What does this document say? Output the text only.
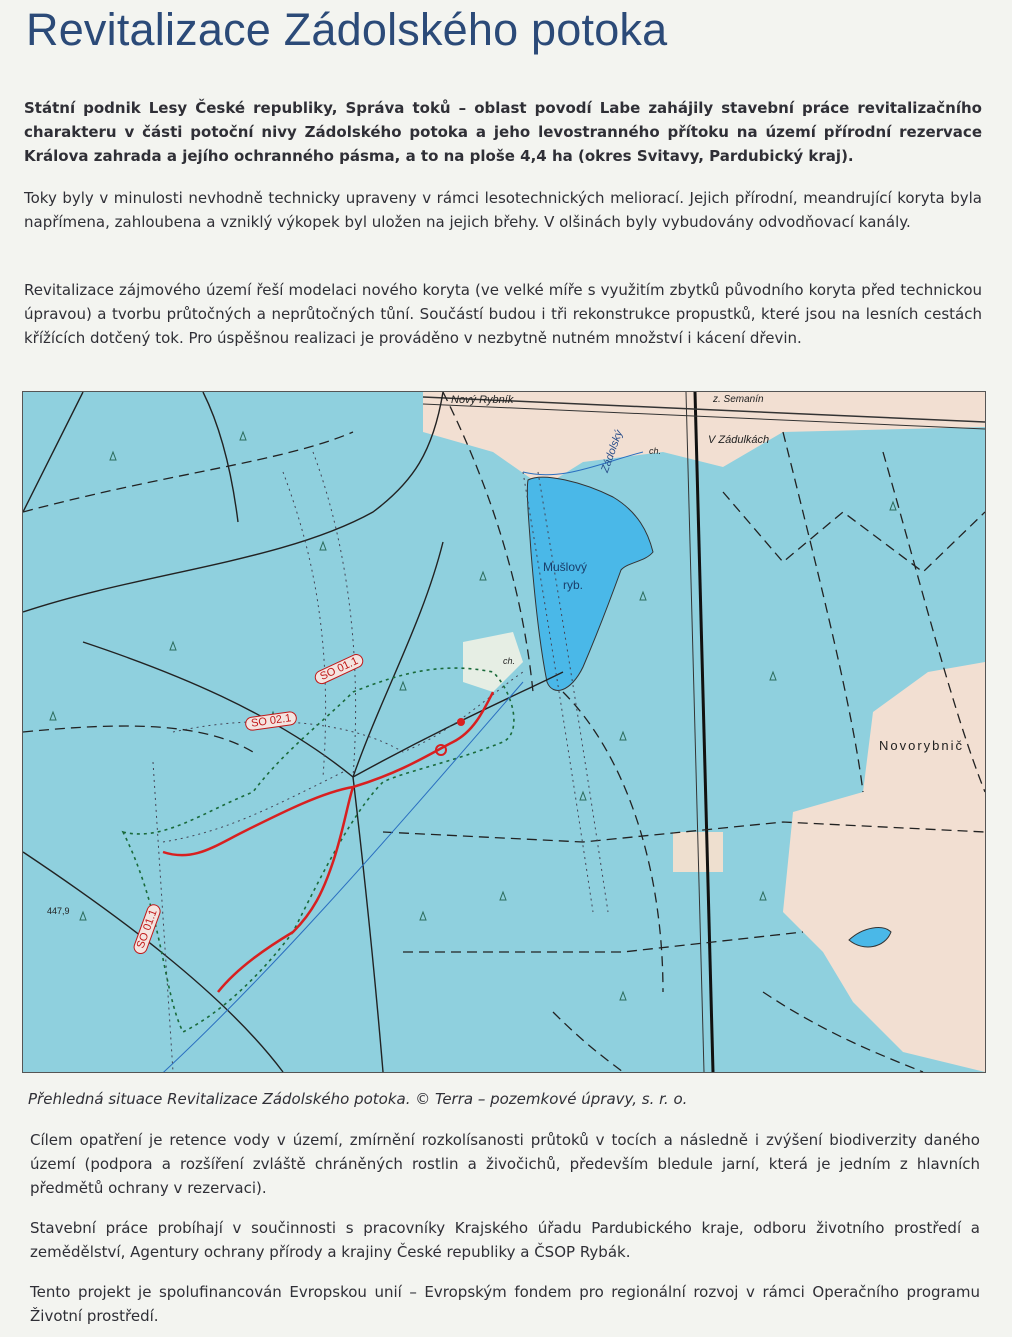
Revitalizace Zádolského potoka

Státní podnik Lesy České republiky, Správa toků – oblast povodí Labe zahájily stavební práce revitalizačního charakteru v části potoční nivy Zádolského potoka a jeho levostranného přítoku na území přírodní rezervace Králova zahrada a jejího ochranného pásma, a to na ploše 4,4 ha (okres Svitavy, Pardubický kraj).

Toky byly v minulosti nevhodně technicky upraveny v rámci lesotechnických meliorací. Jejich přírodní, meandrující koryta byla napřímena, zahloubena a vzniklý výkopek byl uložen na jejich břehy. V olšinách byly vybudovány odvodňovací kanály.

Revitalizace zájmového území řeší modelaci nového koryta (ve velké míře s využitím zbytků původního koryta před technickou úpravou) a tvorbu průtočných a neprůtočných tůní. Součástí budou i tři rekonstrukce propustků, které jsou na lesních cestách křížících dotčený tok. Pro úspěšnou realizaci je prováděno v nezbytně nutném množství i kácení dřevin.

Nový Rybník	z. Semanín
V Zádulkách
Zádolský	ch.
Mušlový
ryb.
ch.
Novorybnič
447,9
SO 01.1
SO 02.1
SO 01.1
Přehledná situace Revitalizace Zádolského potoka. © Terra – pozemkové úpravy, s. r. o.

Cílem opatření je retence vody v území, zmírnění rozkolísanosti průtoků v tocích a následně i zvýšení biodiverzity daného území (podpora a rozšíření zvláště chráněných rostlin a živočichů, především bledule jarní, která je jedním z hlavních předmětů ochrany v rezervaci).

Stavební práce probíhají v součinnosti s pracovníky Krajského úřadu Pardubického kraje, odboru životního prostředí a zemědělství, Agentury ochrany přírody a krajiny České republiky a ČSOP Rybák.

Tento projekt je spolufinancován Evropskou unií – Evropským fondem pro regionální rozvoj v rámci Operačního programu Životní prostředí.
